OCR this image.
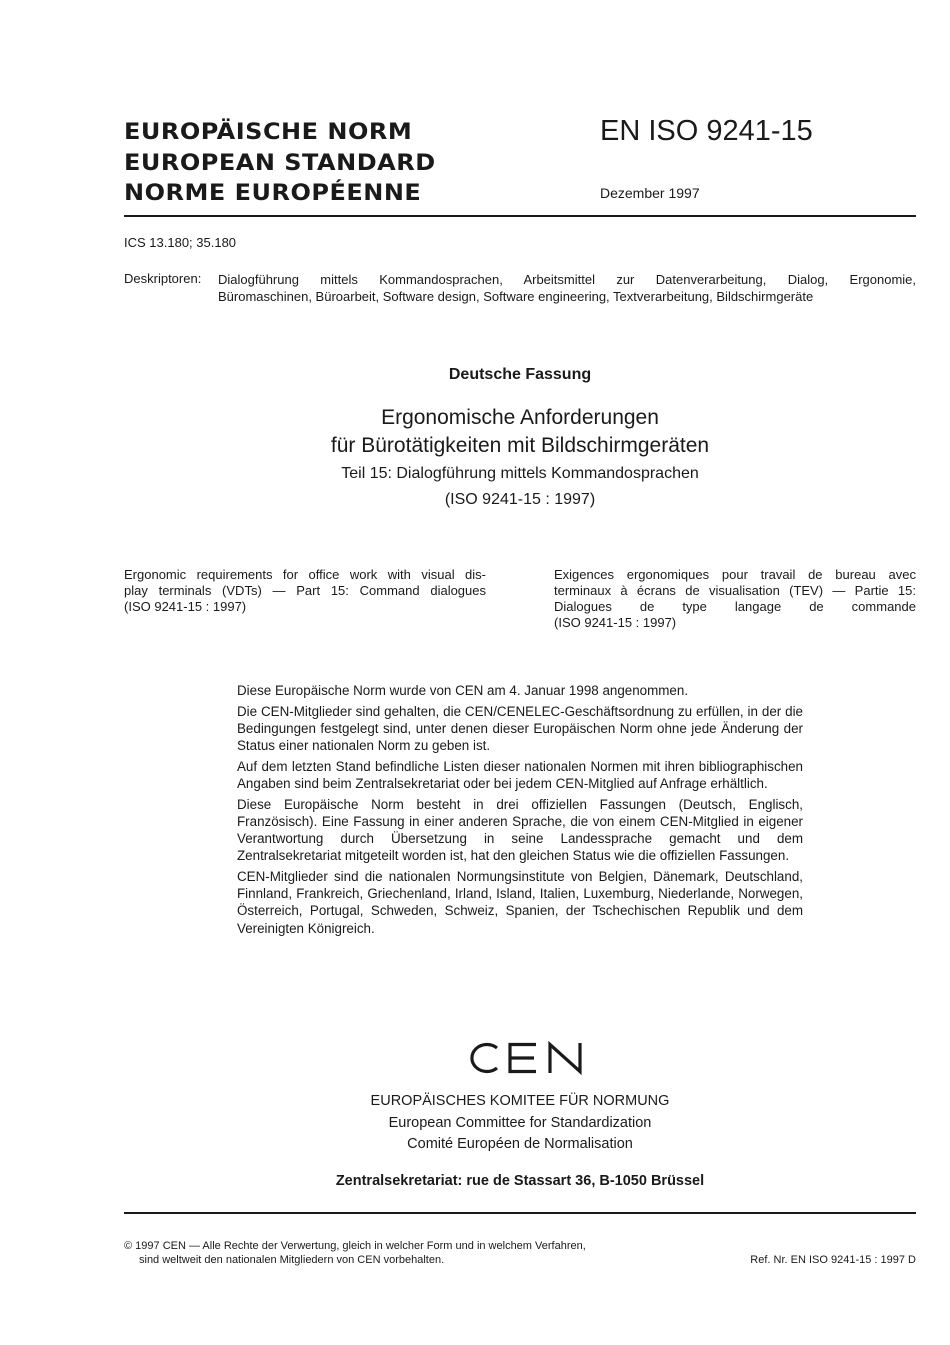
EUROPÄISCHE NORM
EUROPEAN STANDARD
NORME EUROPÉENNE
EN ISO 9241-15
Dezember 1997
ICS 13.180; 35.180
Deskriptoren: Dialogführung mittels Kommandosprachen, Arbeitsmittel zur Datenverarbeitung, Dialog, Ergonomie,
Büromaschinen, Büroarbeit, Software design, Software engineering, Textverarbeitung, Bildschirmgeräte
Deutsche Fassung
Ergonomische Anforderungen
für Bürotätigkeiten mit Bildschirmgeräten
Teil 15: Dialogführung mittels Kommandosprachen
(ISO 9241-15 : 1997)
Ergonomic requirements for office work with visual dis-
play terminals (VDTs) — Part 15: Command dialogues
(ISO 9241-15 : 1997)
Exigences ergonomiques pour travail de bureau avec
terminaux à écrans de visualisation (TEV) — Partie 15:
Dialogues de type langage de commande
(ISO 9241-15 : 1997)

Diese Europäische Norm wurde von CEN am 4. Januar 1998 angenommen.

Die CEN-Mitglieder sind gehalten, die CEN/CENELEC-Geschäftsordnung zu erfüllen, in der die Bedingungen festgelegt sind, unter denen dieser Europäischen Norm ohne jede Änderung der Status einer nationalen Norm zu geben ist.

Auf dem letzten Stand befindliche Listen dieser nationalen Normen mit ihren bibliographischen Angaben sind beim Zentralsekretariat oder bei jedem CEN-Mitglied auf Anfrage erhältlich.

Diese Europäische Norm besteht in drei offiziellen Fassungen (Deutsch, Englisch, Französisch). Eine Fassung in einer anderen Sprache, die von einem CEN-Mitglied in eigener Verantwortung durch Übersetzung in seine Landessprache gemacht und dem Zentralsekretariat mitgeteilt worden ist, hat den gleichen Status wie die offiziellen Fassungen.

CEN-Mitglieder sind die nationalen Normungsinstitute von Belgien, Dänemark, Deutschland, Finnland, Frankreich, Griechenland, Irland, Island, Italien, Luxemburg, Niederlande, Norwegen, Österreich, Portugal, Schweden, Schweiz, Spanien, der Tschechischen Republik und dem Vereinigten Königreich.

EUROPÄISCHES KOMITEE FÜR NORMUNG
European Committee for Standardization
Comité Européen de Normalisation
Zentralsekretariat: rue de Stassart 36, B-1050 Brüssel
© 1997 CEN — Alle Rechte der Verwertung, gleich in welcher Form und in welchem Verfahren,
sind weltweit den nationalen Mitgliedern von CEN vorbehalten.	Ref. Nr. EN ISO 9241-15 : 1997 D
